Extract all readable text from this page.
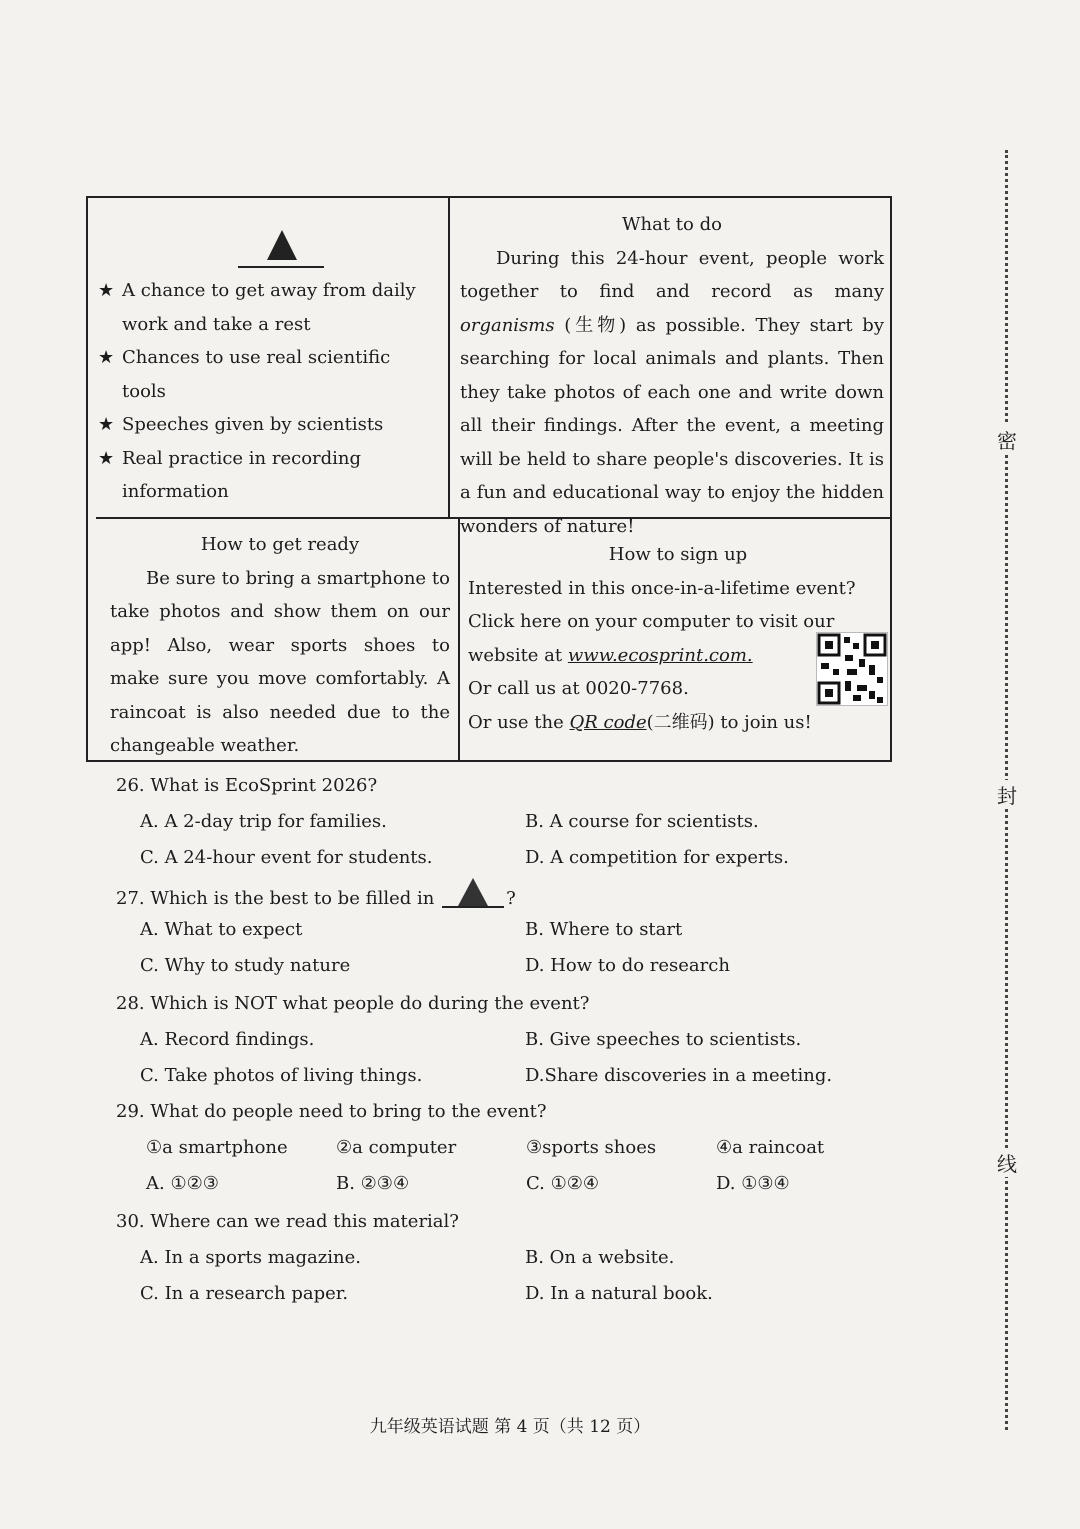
密
封
线
★ A chance to get away from daily work and take a rest
★ Chances to use real scientific tools
★ Speeches given by scientists
★ Real practice in recording information
What to do
During this 24-hour event, people work together to find and record as many organisms (生物) as possible. They start by searching for local animals and plants. Then they take photos of each one and write down all their findings. After the event, a meeting will be held to share people's discoveries. It is a fun and educational way to enjoy the hidden wonders of nature!
How to get ready
Be sure to bring a smartphone to take photos and show them on our app! Also, wear sports shoes to make sure you move comfortably. A raincoat is also needed due to the changeable weather.
How to sign up
Interested in this once-in-a-lifetime event?
Click here on your computer to visit our
website at www.ecosprint.com.
Or call us at 0020-7768.
Or use the QR code(二维码) to join us!
26. What is EcoSprint 2026?
A. A 2-day trip for families.	B. A course for scientists.
C. A 24-hour event for students.	D. A competition for experts.
27. Which is the best to be filled in	?
A. What to expect	B. Where to start
C. Why to study nature	D. How to do research
28. Which is NOT what people do during the event?
A. Record findings.	B. Give speeches to scientists.
C. Take photos of living things.	D.Share discoveries in a meeting.
29. What do people need to bring to the event?
①a smartphone	②a computer	③sports shoes	④a raincoat
A. ①②③	B. ②③④	C. ①②④	D. ①③④
30. Where can we read this material?
A. In a sports magazine.	B. On a website.
C. In a research paper.	D. In a natural book.
九年级英语试题 第 4 页（共 12 页）
